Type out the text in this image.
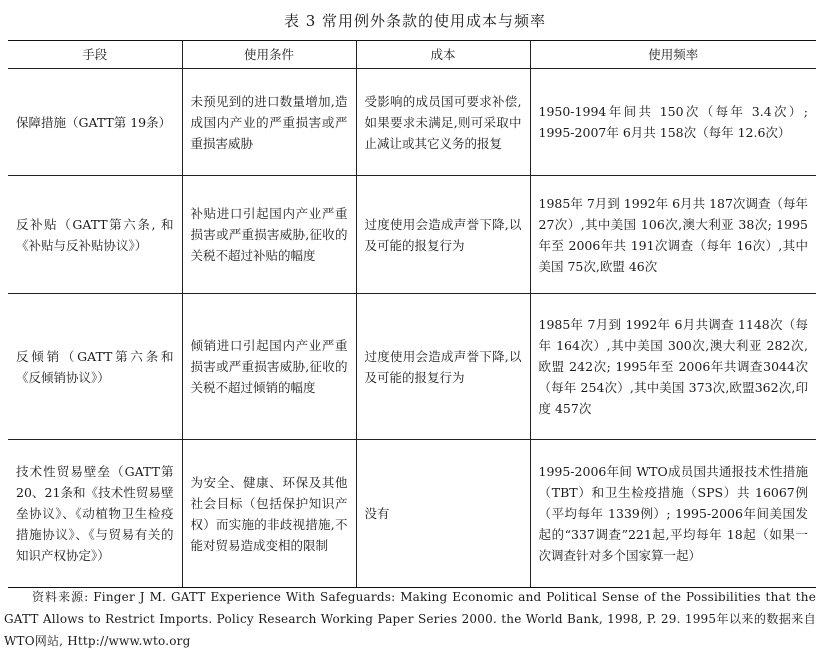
表 3 常用例外条款的使用成本与频率
手段	使用条件	成本	使用频率
保障措施（GATT第 19条）	未预见到的进口数量增加,造成国内产业的严重损害或严重损害威胁	受影响的成员国可要求补偿,如果要求未满足,则可采取中止减让或其它义务的报复	1950-1994年间共 150次（每年 3.4次）; 1995-2007年 6月共 158次（每年 12.6次）
反补贴（GATT第六条, 和《补贴与反补贴协议》）	补贴进口引起国内产业严重损害或严重损害威胁,征收的关税不超过补贴的幅度	过度使用会造成声誉下降,以及可能的报复行为	1985年 7月到 1992年 6月共 187次调查（每年 27次）,其中美国 106次,澳大利亚 38次; 1995年至 2006年共 191次调查（每年 16次）,其中美国 75次,欧盟 46次
反倾销（GATT第六条和《反倾销协议》）	倾销进口引起国内产业严重损害或严重损害威胁,征收的关税不超过倾销的幅度	过度使用会造成声誉下降,以及可能的报复行为	1985年 7月到 1992年 6月共调查 1148次（每年 164次）,其中美国 300次,澳大利亚 282次,欧盟 242次; 1995年至 2006年共调查3044次（每年 254次）,其中美国 373次,欧盟362次,印度 457次
技术性贸易壁垒（GATT第20、21条和《技术性贸易壁垒协议》、《动植物卫生检疫措施协议》、《与贸易有关的知识产权协定》）	为安全、健康、环保及其他社会目标（包括保护知识产权）而实施的非歧视措施,不能对贸易造成变相的限制	没有	1995-2006年间 WTO成员国共通报技术性措施（TBT）和卫生检疫措施（SPS）共 16067例（平均每年 1339例）; 1995-2006年间美国发起的“337调查”221起,平均每年 18起（如果一次调查针对多个国家算一起）
资料来源: Finger J M. GATT Experience With Safeguards: Making Economic and Political Sense of the Possibilities that the GATT Allows to Restrict Imports. Policy Research Working Paper Series 2000. the World Bank, 1998, P. 29. 1995年以来的数据来自 WTO网站, Http://www.wto.org
